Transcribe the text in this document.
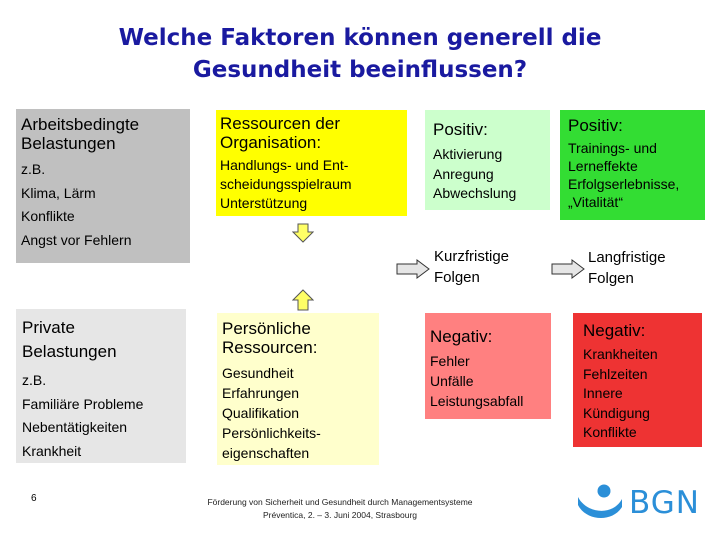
Welche Faktoren können generell die
Gesundheit beeinflussen?
Arbeitsbedingte
Belastungen
z.B.
Klima, Lärm
Konflikte
Angst vor Fehlern
Ressourcen der
Organisation:
Handlungs- und Ent-
scheidungsspielraum
Unterstützung
Positiv:
Aktivierung
Anregung
Abwechslung
Positiv:
Trainings- und
Lerneffekte
Erfolgserlebnisse,
„Vitalität“
Kurzfristige
Folgen
Langfristige
Folgen
Private
Belastungen
z.B.
Familiäre Probleme
Nebentätigkeiten
Krankheit
Persönliche
Ressourcen:
Gesundheit
Erfahrungen
Qualifikation
Persönlichkeits-
eigenschaften
Negativ:
Fehler
Unfälle
Leistungsabfall
Negativ:
Krankheiten
Fehlzeiten
Innere
Kündigung
Konflikte
6	Förderung von Sicherheit und Gesundheit durch Managementsysteme
Préventica, 2. – 3. Juni 2004, Strasbourg	BGN
